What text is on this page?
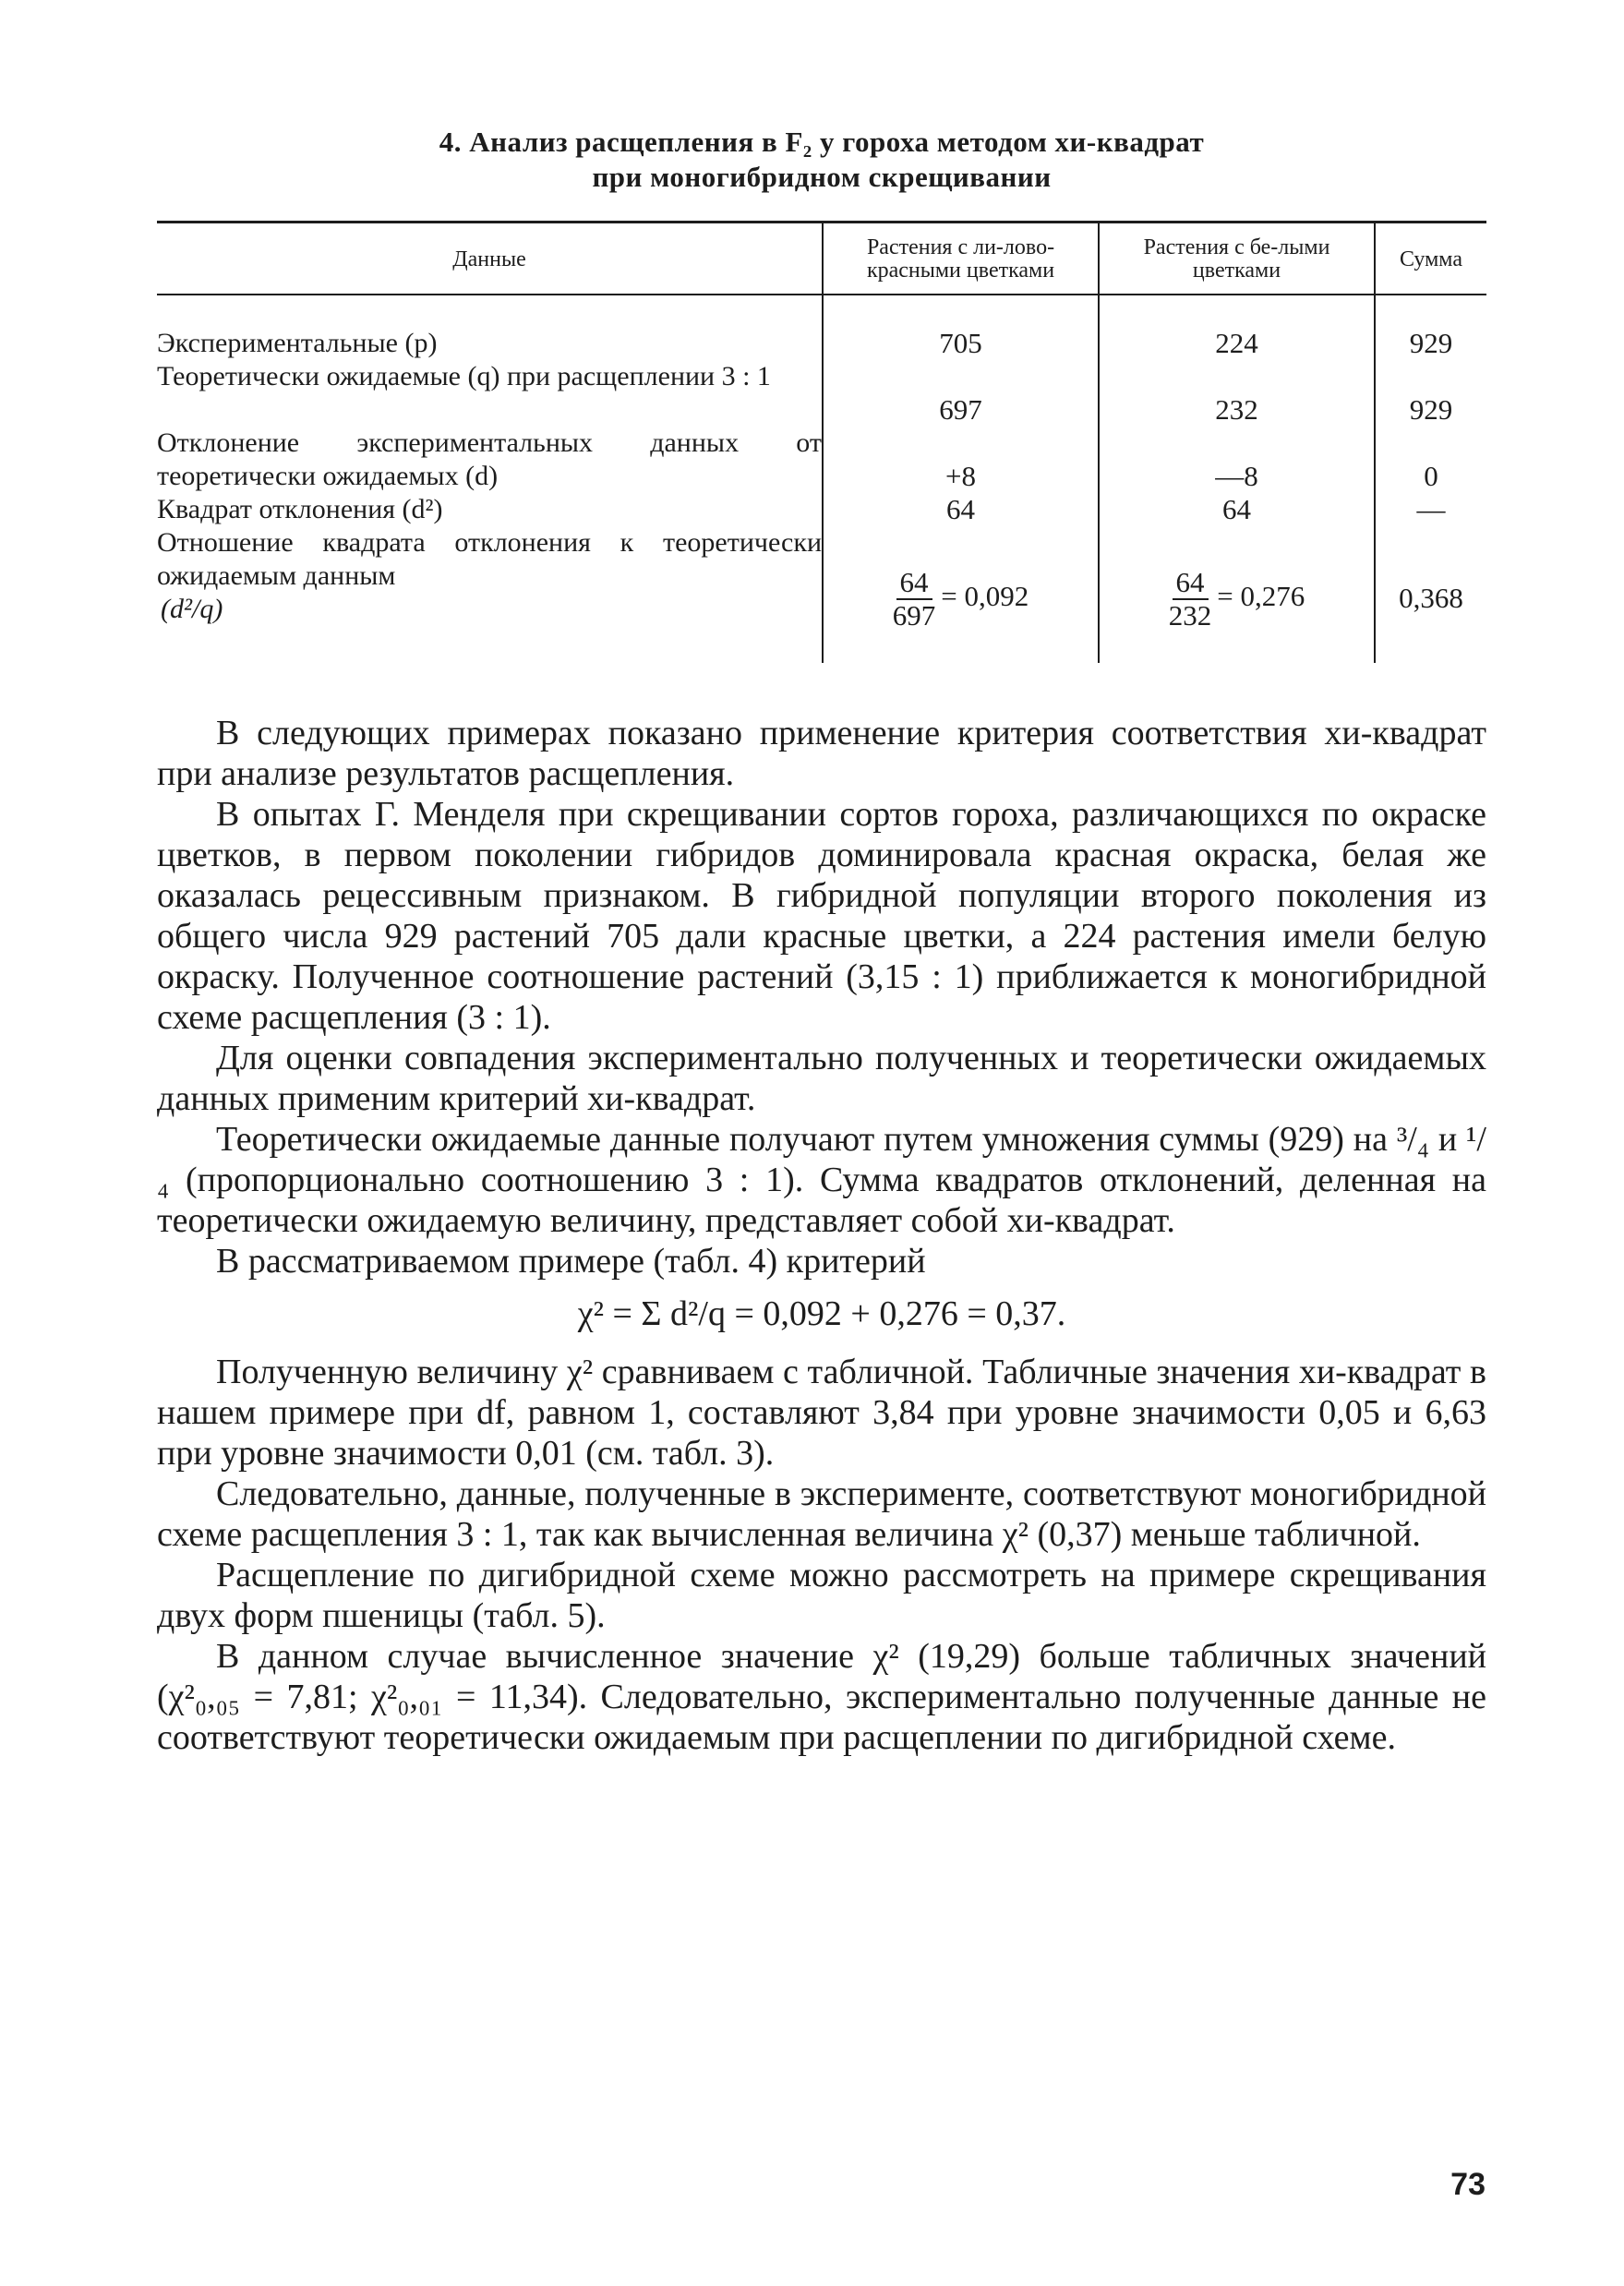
4. Анализ расщепления в F₂ у гороха методом хи-квадрат
при моногибридном скрещивании
Данные	Растения с ли-лово-красными цветками	Растения с бе-лыми цветками	Сумма
Экспериментальные (p)	705	224	929
Теоретически ожидаемые (q) при расщеплении 3 : 1	697	232	929
Отклонение экспериментальных данных от теоретически ожидаемых (d)	+8	—8	0
Квадрат отклонения (d²)	64	64	—
Отношение квадрата отклонения к теоретически ожидаемым данным
(d²/q)	$\frac{64}{697} = 0,092$	$\frac{64}{232} = 0,276$	0,368

В следующих примерах показано применение критерия соответствия хи-квадрат при анализе результатов расщепления.

В опытах Г. Менделя при скрещивании сортов гороха, различающихся по окраске цветков, в первом поколении гибридов доминировала красная окраска, белая же оказалась рецессивным признаком. В гибридной популяции второго поколения из общего числа 929 растений 705 дали красные цветки, а 224 растения имели белую окраску. Полученное соотношение растений (3,15 : 1) приближается к моногибридной схеме расщепления (3 : 1).

Для оценки совпадения экспериментально полученных и теоретически ожидаемых данных применим критерий хи-квадрат.

Теоретически ожидаемые данные получают путем умножения суммы (929) на ³/₄ и ¹/₄ (пропорционально соотношению 3 : 1). Сумма квадратов отклонений, деленная на теоретически ожидаемую величину, представляет собой хи-квадрат.

В рассматриваемом примере (табл. 4) критерий

χ² = Σ d²/q = 0,092 + 0,276 = 0,37.

Полученную величину χ² сравниваем с табличной. Табличные значения хи-квадрат в нашем примере при df, равном 1, составляют 3,84 при уровне значимости 0,05 и 6,63 при уровне значимости 0,01 (см. табл. 3).

Следовательно, данные, полученные в эксперименте, соответствуют моногибридной схеме расщепления 3 : 1, так как вычисленная величина χ² (0,37) меньше табличной.

Расщепление по дигибридной схеме можно рассмотреть на примере скрещивания двух форм пшеницы (табл. 5).

В данном случае вычисленное значение χ² (19,29) больше табличных значений (χ²₀,₀₅ = 7,81; χ²₀,₀₁ = 11,34). Следовательно, экспериментально полученные данные не соответствуют теоретически ожидаемым при расщеплении по дигибридной схеме.

73
